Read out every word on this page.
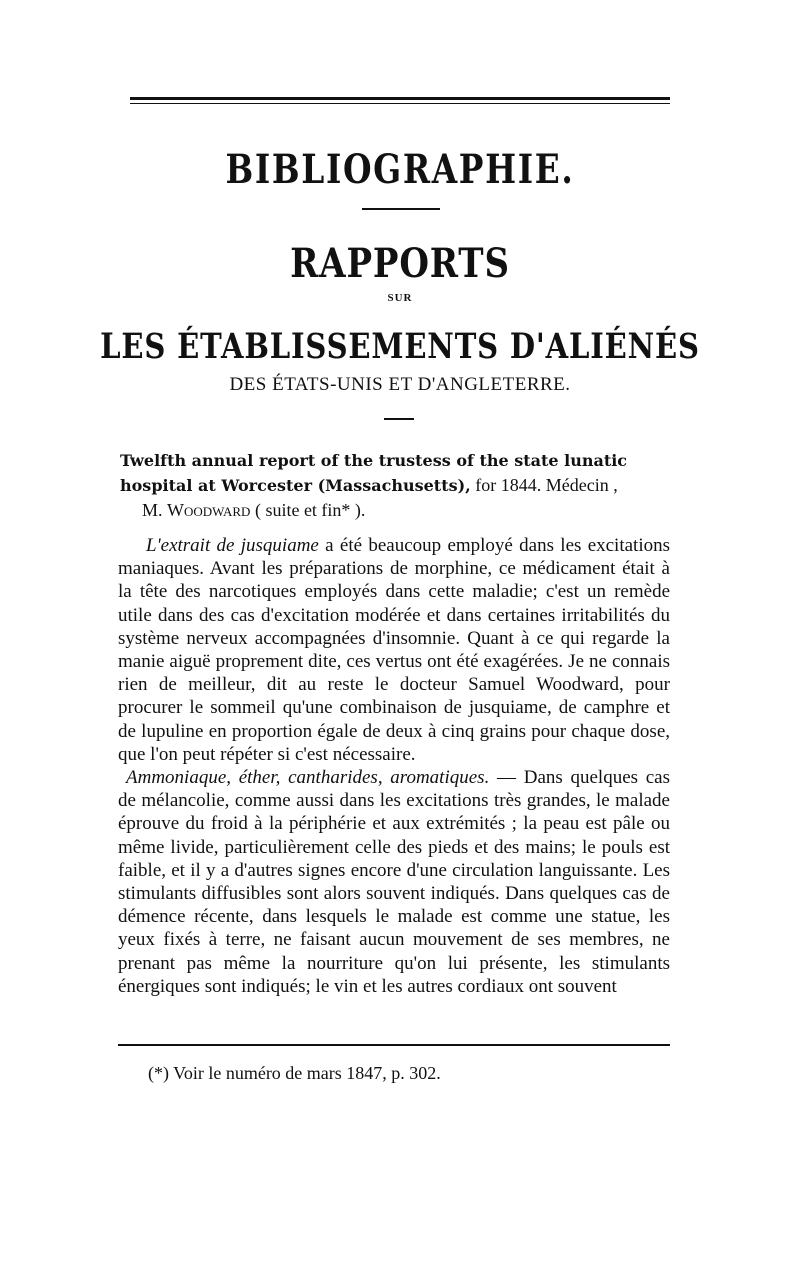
BIBLIOGRAPHIE.
RAPPORTS
SUR
LES ÉTABLISSEMENTS D'ALIÉNÉS
DES ÉTATS-UNIS ET D'ANGLETERRE.
Twelfth annual report of the trustess of the state lunatic hospital at Worcester (Massachusetts), for 1844. Médecin ,
M. Woodward ( suite et fin* ).

L'extrait de jusquiame a été beaucoup employé dans les excitations maniaques. Avant les préparations de morphine, ce médicament était à la tête des narcotiques employés dans cette maladie; c'est un remède utile dans des cas d'excitation modérée et dans certaines irritabilités du système nerveux accompagnées d'insomnie. Quant à ce qui regarde la manie aiguë proprement dite, ces vertus ont été exagérées. Je ne connais rien de meilleur, dit au reste le docteur Samuel Woodward, pour procurer le sommeil qu'une combinaison de jusquiame, de camphre et de lupuline en proportion égale de deux à cinq grains pour chaque dose, que l'on peut répéter si c'est nécessaire.

Ammoniaque, éther, cantharides, aromatiques. — Dans quelques cas de mélancolie, comme aussi dans les excitations très grandes, le malade éprouve du froid à la périphérie et aux extrémités ; la peau est pâle ou même livide, particulièrement celle des pieds et des mains; le pouls est faible, et il y a d'autres signes encore d'une circulation languissante. Les stimulants diffusibles sont alors souvent indiqués. Dans quelques cas de démence récente, dans lesquels le malade est comme une statue, les yeux fixés à terre, ne faisant aucun mouvement de ses membres, ne prenant pas même la nourriture qu'on lui présente, les stimulants énergiques sont indiqués; le vin et les autres cordiaux ont souvent

(*) Voir le numéro de mars 1847, p. 302.
